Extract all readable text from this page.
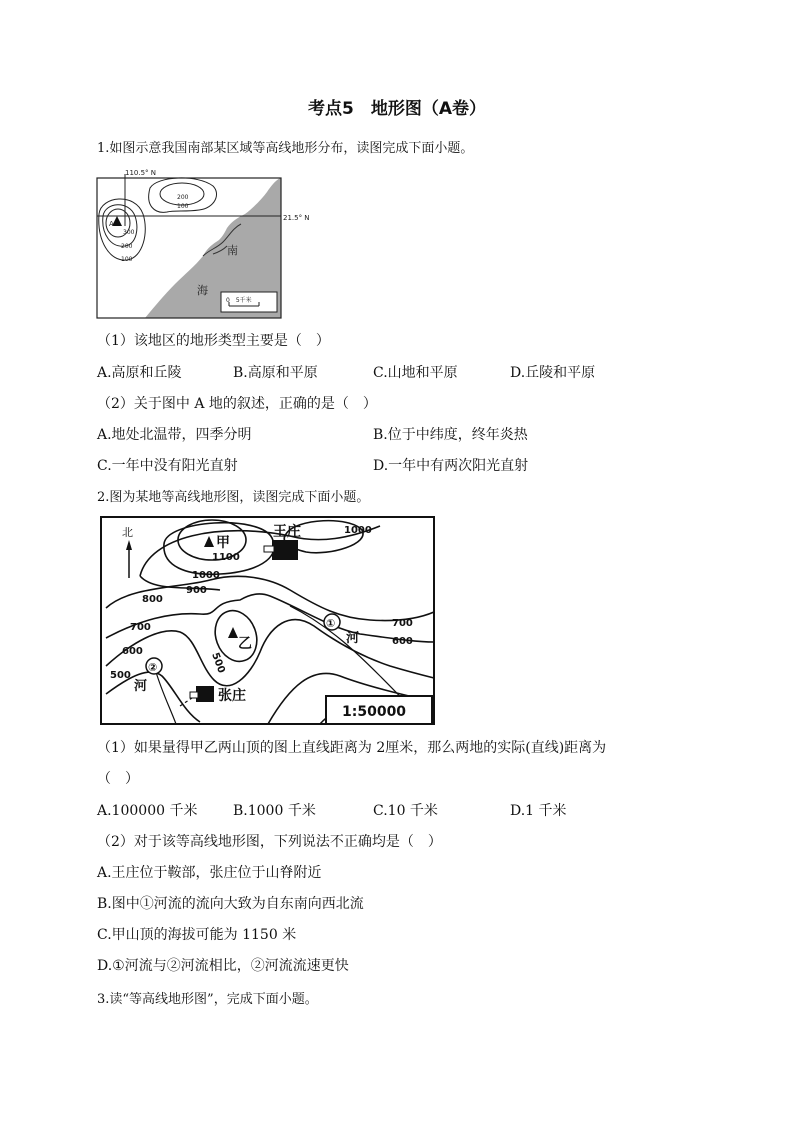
考点5　地形图（A卷）
1.如图示意我国南部某区域等高线地形分布，读图完成下面小题。
110.5° N
21.5° N
200
100
A
300
200
100
南
海
0　5千米
（1）该地区的地形类型主要是（　）
A.高原和丘陵	B.高原和平原	C.山地和平原	D.丘陵和平原
（2）关于图中 A 地的叙述，正确的是（　）
A.地处北温带，四季分明	B.位于中纬度，终年炎热
C.一年中没有阳光直射	D.一年中有两次阳光直射
2.图为某地等高线地形图，读图完成下面小题。
北
甲
乙
王庄
张庄
①
河
②
河
1000
1100
1000
900
800
700
600
500
500
700
600
1:50000
（1）如果量得甲乙两山顶的图上直线距离为 2厘米，那么两地的实际(直线)距离为
（　）
A.100000 千米	B.1000 千米	C.10 千米	D.1 千米
（2）对于该等高线地形图，下列说法不正确均是（　）
A.王庄位于鞍部，张庄位于山脊附近
B.图中①河流的流向大致为自东南向西北流
C.甲山顶的海拔可能为 1150 米
D.①河流与②河流相比，②河流流速更快
3.读“等高线地形图”，完成下面小题。
